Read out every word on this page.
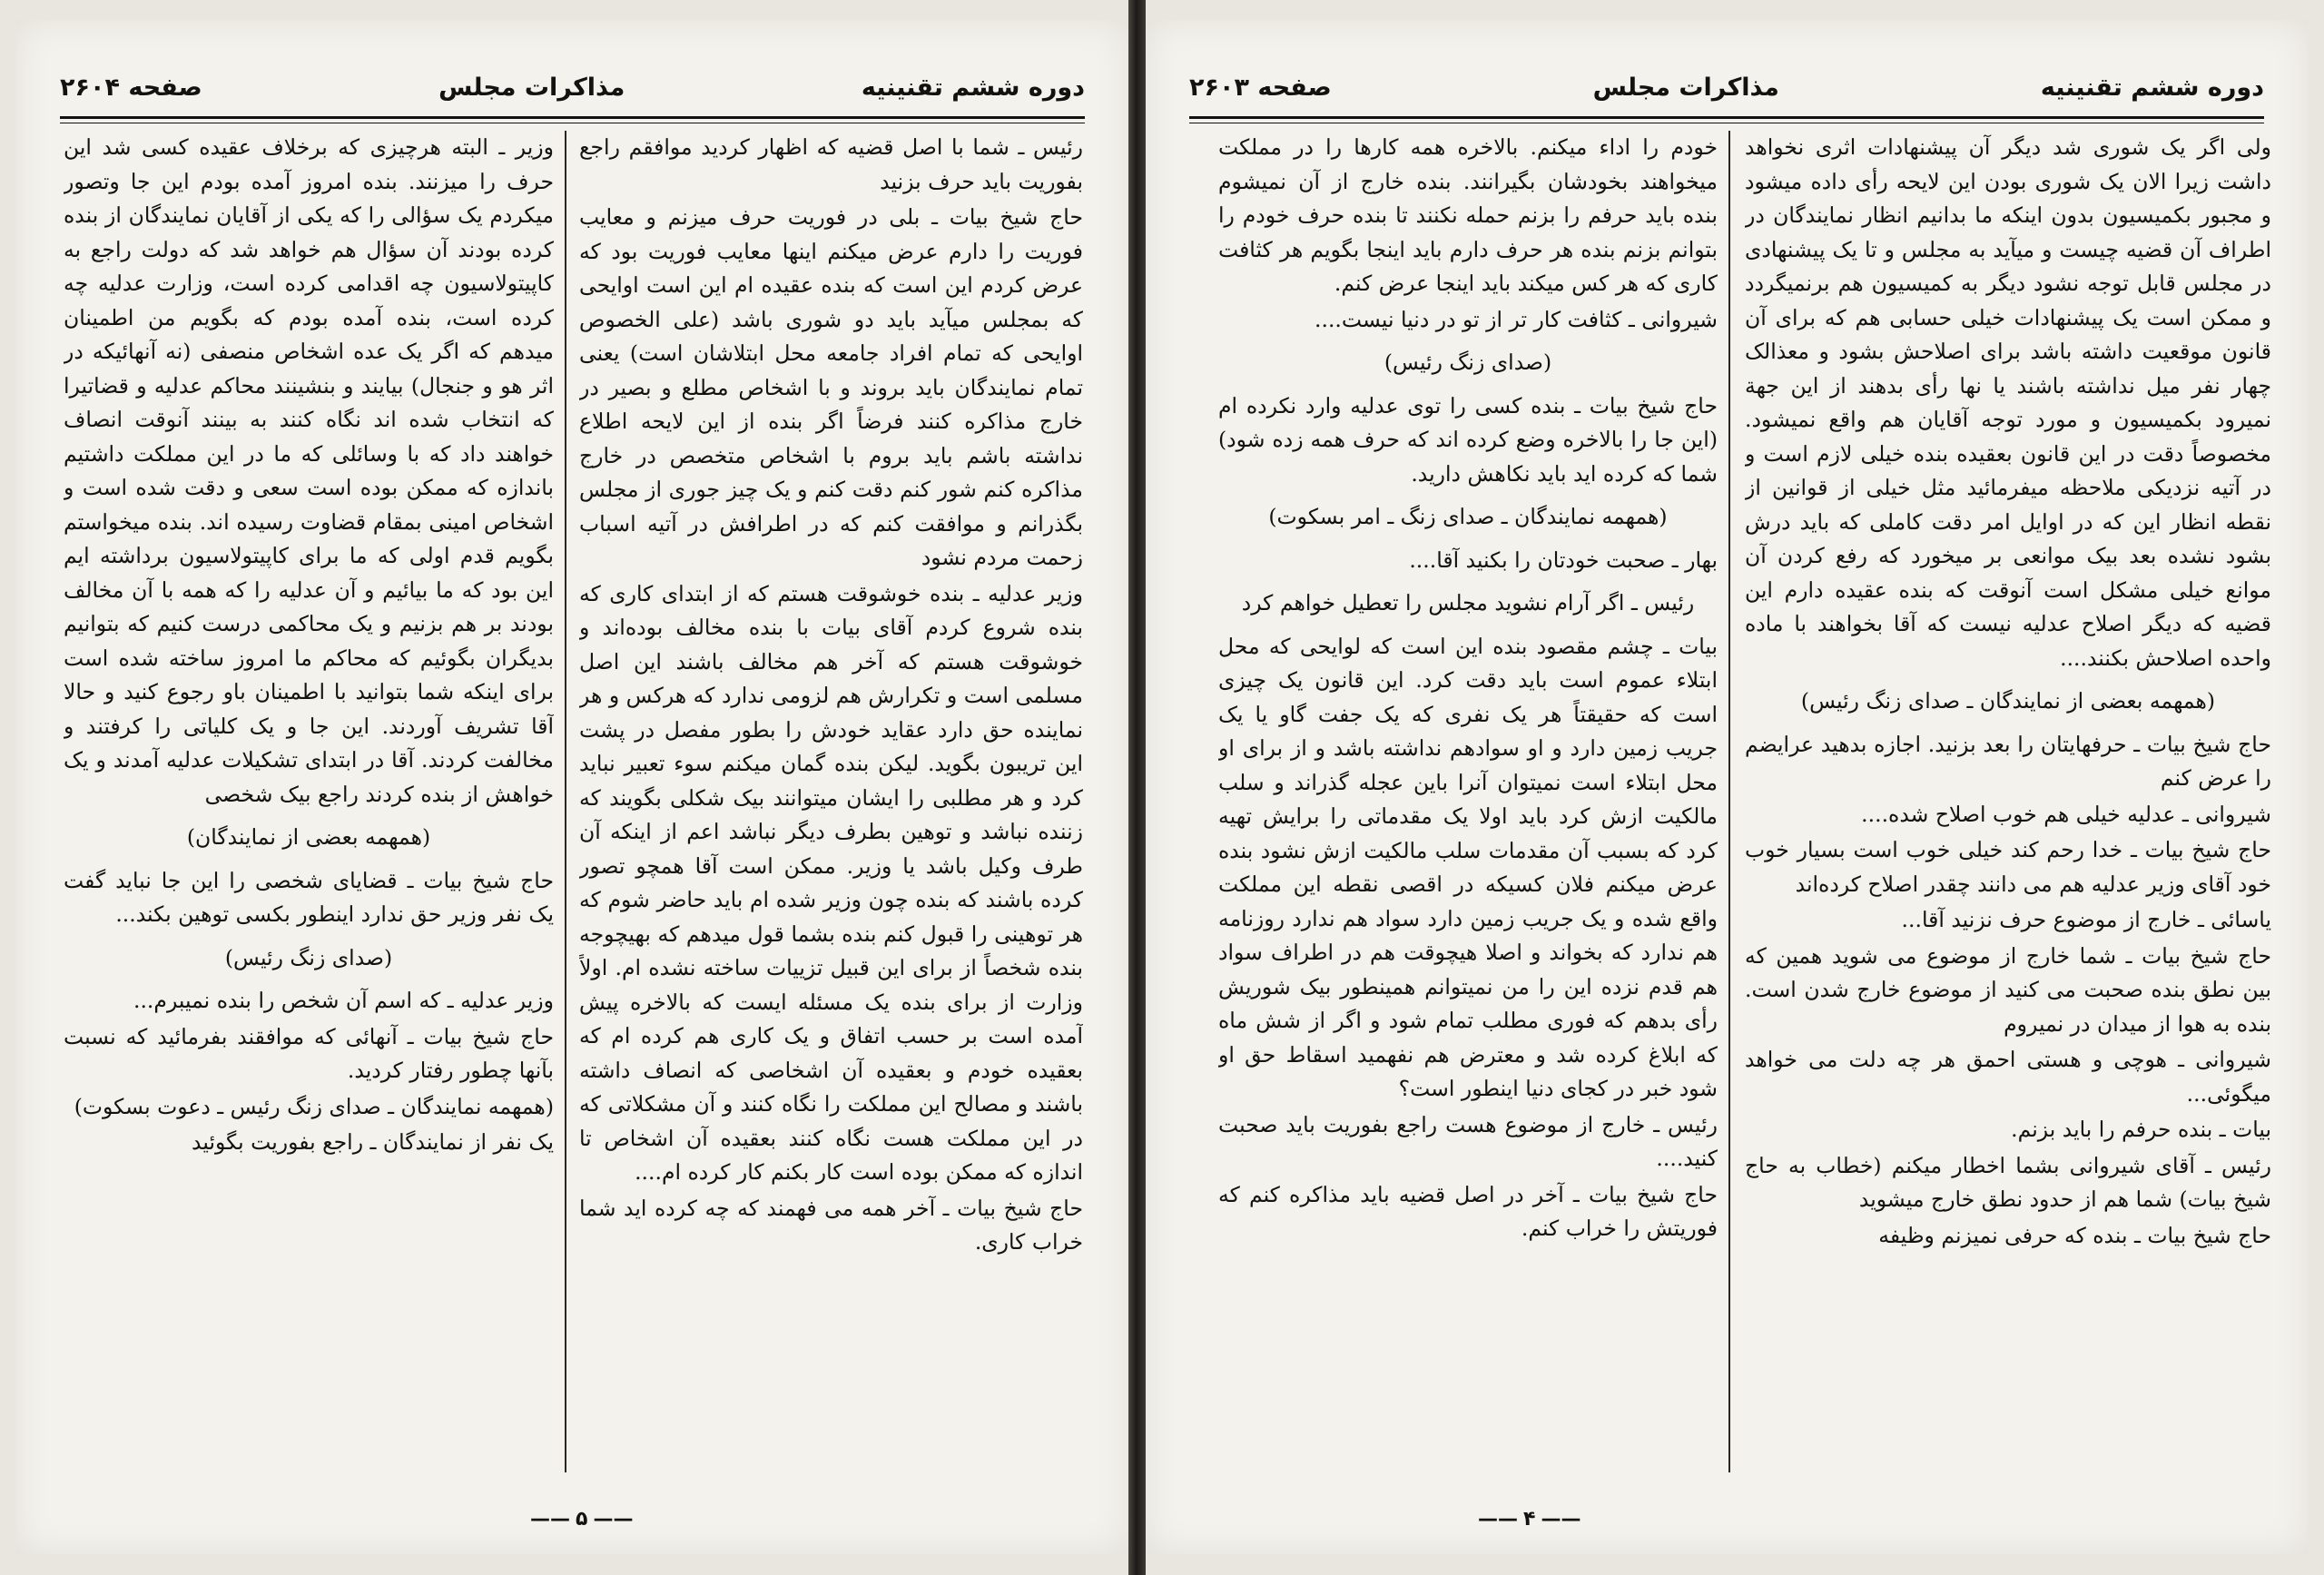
دوره ششم تقنینیه
مذاکرات مجلس
صفحه ۲۶۰۴

رئیس ـ شما با اصل قضیه که اظهار کردید موافقم راجع بفوریت باید حرف بزنید

حاج شیخ بیات ـ بلی در فوریت حرف میزنم و معایب فوریت را دارم عرض میکنم اینها معایب فوریت بود که عرض کردم این است که بنده عقیده ام این است اوایحی که بمجلس میآید باید دو شوری باشد (علی الخصوص اوایحی که تمام افراد جامعه محل ابتلاشان است) یعنی تمام نمایندگان باید بروند و با اشخاص مطلع و بصیر در خارج مذاکره کنند فرضاً اگر بنده از این لایحه اطلاع نداشته باشم باید بروم با اشخاص متخصص در خارج مذاکره کنم شور کنم دقت کنم و یک چیز جوری از مجلس بگذرانم و موافقت کنم که در اطرافش در آتیه اسباب زحمت مردم نشود

وزیر عدلیه ـ بنده خوشوقت هستم که از ابتدای کاری که بنده شروع کردم آقای بیات با بنده مخالف بوده‌اند و خوشوقت هستم که آخر هم مخالف باشند این اصل مسلمی است و تکرارش هم لزومی ندارد که هرکس و هر نماینده حق دارد عقاید خودش را بطور مفصل در پشت این تریبون بگوید. لیکن بنده گمان میکنم سوء تعبیر نباید کرد و هر مطلبی را ایشان میتوانند بیک شکلی بگویند که زننده نباشد و توهین بطرف دیگر نباشد اعم از اینکه آن طرف وکیل باشد یا وزیر. ممکن است آقا همچو تصور کرده باشند که بنده چون وزیر شده ام باید حاضر شوم که هر توهینی را قبول کنم بنده بشما قول میدهم که بهیچوجه بنده شخصاً از برای این قبیل تزییات ساخته نشده ام. اولاً وزارت از برای بنده یک مسئله ایست که بالاخره پیش آمده است بر حسب اتفاق و یک کاری هم کرده ام که بعقیده خودم و بعقیده آن اشخاصی که انصاف داشته باشند و مصالح این مملکت را نگاه کنند و آن مشکلاتی که در این مملکت هست نگاه کنند بعقیده آن اشخاص تا اندازه که ممکن بوده است کار بکنم کار کرده ام....

حاج شیخ بیات ـ آخر همه می فهمند که چه کرده اید شما خراب کاری.

وزیر ـ البته هرچیزی که برخلاف عقیده کسی شد این حرف را میزنند. بنده امروز آمده بودم این جا وتصور میکردم یک سؤالی را که یکی از آقایان نمایندگان از بنده کرده بودند آن سؤال هم خواهد شد که دولت راجع به کاپیتولاسیون چه اقدامی کرده است، وزارت عدلیه چه کرده است، بنده آمده بودم که بگویم من اطمینان میدهم که اگر یک عده اشخاص منصفی (نه آنهائیکه در اثر هو و جنجال) بیایند و بنشینند محاکم عدلیه و قضاتیرا که انتخاب شده اند نگاه کنند به بینند آنوقت انصاف خواهند داد که با وسائلی که ما در این مملکت داشتیم باندازه که ممکن بوده است سعی و دقت شده است و اشخاص امینی بمقام قضاوت رسیده اند. بنده میخواستم بگویم قدم اولی که ما برای کاپیتولاسیون برداشته ایم این بود که ما بیائیم و آن عدلیه را که همه با آن مخالف بودند بر هم بزنیم و یک محاکمی درست کنیم که بتوانیم بدیگران بگوئیم که محاکم ما امروز ساخته شده است برای اینکه شما بتوانید با اطمینان باو رجوع کنید و حالا آقا تشریف آوردند. این جا و یک کلیاتی را کرفتند و مخالفت کردند. آقا در ابتدای تشکیلات عدلیه آمدند و یک خواهش از بنده کردند راجع بیک شخصی

(همهمه بعضی از نمایندگان)

حاج شیخ بیات ـ قضایای شخصی را این جا نباید گفت یک نفر وزیر حق ندارد اینطور بکسی توهین بکند...

(صدای زنگ رئیس)

وزیر عدلیه ـ که اسم آن شخص را بنده نمیبرم...

حاج شیخ بیات ـ آنهائی که موافقند بفرمائید که نسبت بآنها چطور رفتار کردید.

(همهمه نمایندگان ـ صدای زنگ رئیس ـ دعوت بسکوت)

یک نفر از نمایندگان ـ راجع بفوریت بگوئید

—— ۵ ——
دوره ششم تقنینیه
مذاکرات مجلس
صفحه ۲۶۰۳

ولی اگر یک شوری شد دیگر آن پیشنهادات اثری نخواهد داشت زیرا الان یک شوری بودن این لایحه رأی داده میشود و مجبور بکمیسیون بدون اینکه ما بدانیم انظار نمایندگان در اطراف آن قضیه چیست و میآید به مجلس و تا یک پیشنهادی در مجلس قابل توجه نشود دیگر به کمیسیون هم برنمیگردد و ممکن است یک پیشنهادات خیلی حسابی هم که برای آن قانون موقعیت داشته باشد برای اصلاحش بشود و معذالک چهار نفر میل نداشته باشند یا نها رأی بدهند از این جهة نمیرود بکمیسیون و مورد توجه آقایان هم واقع نمیشود. مخصوصاً دقت در این قانون بعقیده بنده خیلی لازم است و در آتیه نزدیکی ملاحظه میفرمائید مثل خیلی از قوانین از نقطه انظار این که در اوایل امر دقت کاملی که باید درش بشود نشده بعد بیک موانعی بر میخورد که رفع کردن آن موانع خیلی مشکل است آنوقت که بنده عقیده دارم این قضیه که دیگر اصلاح عدلیه نیست که آقا بخواهند با ماده واحده اصلاحش بکنند....

(همهمه بعضی از نمایندگان ـ صدای زنگ رئیس)

حاج شیخ بیات ـ حرفهایتان را بعد بزنید. اجازه بدهید عرایضم را عرض کنم

شیروانی ـ عدلیه خیلی هم خوب اصلاح شده....

حاج شیخ بیات ـ خدا رحم کند خیلی خوب است بسیار خوب خود آقای وزیر عدلیه هم می دانند چقدر اصلاح کرده‌اند

یاسائی ـ خارج از موضوع حرف نزنید آقا...

حاج شیخ بیات ـ شما خارج از موضوع می شوید همین که بین نطق بنده صحبت می کنید از موضوع خارج شدن است. بنده به هوا از میدان در نمیروم

شیروانی ـ هوچی و هستی احمق هر چه دلت می خواهد میگوئی...

بیات ـ بنده حرفم را باید بزنم.

رئیس ـ آقای شیروانی بشما اخطار میکنم (خطاب به حاج شیخ بیات) شما هم از حدود نطق خارج میشوید

حاج شیخ بیات ـ بنده که حرفی نمیزنم وظیفه

خودم را اداء میکنم. بالاخره همه کارها را در مملکت میخواهند بخودشان بگیرانند. بنده خارج از آن نمیشوم بنده باید حرفم را بزنم حمله نکنند تا بنده حرف خودم را بتوانم بزنم بنده هر حرف دارم باید اینجا بگویم هر کثافت کاری که هر کس میکند باید اینجا عرض کنم.

شیروانی ـ کثافت کار تر از تو در دنیا نیست....

(صدای زنگ رئیس)

حاج شیخ بیات ـ بنده کسی را توی عدلیه وارد نکرده ام (این جا را بالاخره وضع کرده اند که حرف همه زده شود) شما که کرده اید باید نکاهش دارید.

(همهمه نمایندگان ـ صدای زنگ ـ امر بسکوت)

بهار ـ صحبت خودتان را بکنید آقا....

رئیس ـ اگر آرام نشوید مجلس را تعطیل خواهم کرد

بیات ـ چشم مقصود بنده این است که لوایحی که محل ابتلاء عموم است باید دقت کرد. این قانون یک چیزی است که حقیقتاً هر یک نفری که یک جفت گاو یا یک جریب زمین دارد و او سوادهم نداشته باشد و از برای او محل ابتلاء است نمیتوان آنرا باین عجله گذراند و سلب مالکیت ازش کرد باید اولا یک مقدماتی را برایش تهیه کرد که بسبب آن مقدمات سلب مالکیت ازش نشود بنده عرض میکنم فلان کسیکه در اقصی نقطه این مملکت واقع شده و یک جریب زمین دارد سواد هم ندارد روزنامه هم ندارد که بخواند و اصلا هیچوقت هم در اطراف سواد هم قدم نزده این را من نمیتوانم همینطور بیک شوریش رأی بدهم که فوری مطلب تمام شود و اگر از شش ماه که ابلاغ کرده شد و معترض هم نفهمید اسقاط حق او شود خبر در کجای دنیا اینطور است؟

رئیس ـ خارج از موضوع هست راجع بفوریت باید صحبت کنید....

حاج شیخ بیات ـ آخر در اصل قضیه باید مذاکره کنم که فوریتش را خراب کنم.

—— ۴ ——
